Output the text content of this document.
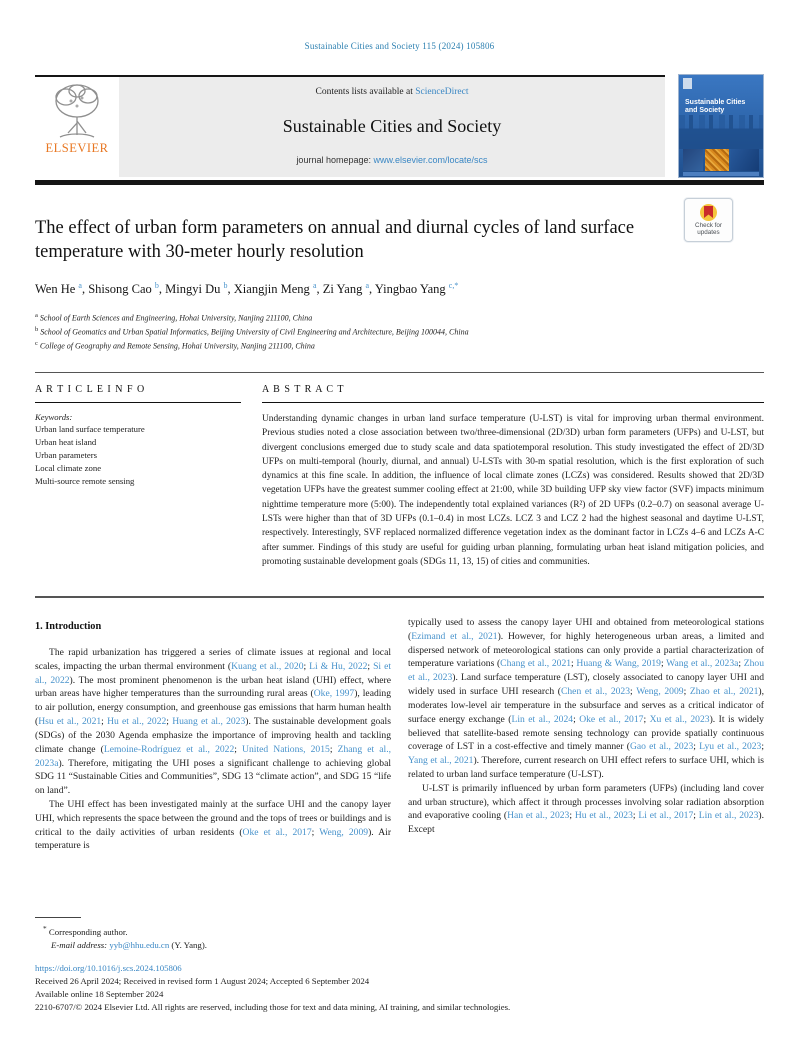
Sustainable Cities and Society 115 (2024) 105806
ELSEVIER
Contents lists available at ScienceDirect
Sustainable Cities and Society
journal homepage: www.elsevier.com/locate/scs
Sustainable Cities and Society
Check for
updates
The effect of urban form parameters on annual and diurnal cycles of land surface temperature with 30-meter hourly resolution
Wen He $^a$ , Shisong Cao $^b$ , Mingyi Du $^b$ , Xiangjin Meng $^a$ , Zi Yang $^a$ , Yingbao Yang $^{c,*}$
$^a$ School of Earth Sciences and Engineering, Hohai University, Nanjing 211100, China
$^b$ School of Geomatics and Urban Spatial Informatics, Beijing University of Civil Engineering and Architecture, Beijing 100044, China
$^c$ College of Geography and Remote Sensing, Hohai University, Nanjing 211100, China
A R T I C L E I N F O
Keywords:
Urban land surface temperature
Urban heat island
Urban parameters
Local climate zone
Multi-source remote sensing
A B S T R A C T
Understanding dynamic changes in urban land surface temperature (U-LST) is vital for improving urban thermal environment. Previous studies noted a close association between two/three-dimensional (2D/3D) urban form parameters (UFPs) and U-LST, but divergent conclusions emerged due to study scale and data spatiotemporal resolution. This study investigated the effect of 2D/3D UFPs on multi-temporal (hourly, diurnal, and annual) U-LSTs with 30-m spatial resolution, which is the first exploration of such dynamics at this fine scale. In addition, the influence of local climate zones (LCZs) was considered. Results showed that 2D/3D vegetation UFPs have the greatest summer cooling effect at 21:00, while 3D building UFP sky view factor (SVF) impacts minimum nighttime temperature more (5:00). The independently total explained variances (R²) of 2D UFPs (0.2–0.7) on seasonal average U-LSTs were higher than that of 3D UFPs (0.1–0.4) in most LCZs. LCZ 3 and LCZ 2 had the highest seasonal and daytime U-LST, respectively. Interestingly, SVF replaced normalized difference vegetation index as the dominant factor in LCZs 4–6 and LCZs A-C after summer. Findings of this study are useful for guiding urban planning, formulating urban heat island mitigation policies, and promoting sustainable development goals (SDGs 11, 13, 15) of cities and communities.
1. Introduction

The rapid urbanization has triggered a series of climate issues at regional and local scales, impacting the urban thermal environment (Kuang et al., 2020; Li & Hu, 2022; Si et al., 2022). The most prominent phenomenon is the urban heat island (UHI) effect, where urban areas have higher temperatures than the surrounding rural areas (Oke, 1997), leading to air pollution, energy consumption, and greenhouse gas emissions that harm human health (Hsu et al., 2021; Hu et al., 2022; Huang et al., 2023). The sustainable development goals (SDGs) of the 2030 Agenda emphasize the importance of improving health and tackling climate change (Lemoine-Rodríguez et al., 2022; United Nations, 2015; Zhang et al., 2023a). Therefore, mitigating the UHI poses a significant challenge to achieving global SDG 11 “Sustainable Cities and Communities”, SDG 13 “climate action”, and SDG 15 “life on land”.

The UHI effect has been investigated mainly at the surface UHI and the canopy layer UHI, which represents the space between the ground and the tops of trees or buildings and is critical to the daily activities of urban residents (Oke et al., 2017; Weng, 2009). Air temperature is

typically used to assess the canopy layer UHI and obtained from meteorological stations (Ezimand et al., 2021). However, for highly heterogeneous urban areas, a limited and dispersed network of meteorological stations can only provide a partial characterization of temperature variations (Chang et al., 2021; Huang & Wang, 2019; Wang et al., 2023a; Zhou et al., 2023). Land surface temperature (LST), closely associated to canopy layer UHI and widely used in surface UHI research (Chen et al., 2023; Weng, 2009; Zhao et al., 2021), moderates low-level air temperature in the subsurface and serves as a critical indicator of surface energy exchange (Lin et al., 2024; Oke et al., 2017; Xu et al., 2023). It is widely believed that satellite-based remote sensing technology can provide spatially continuous coverage of LST in a cost-effective and timely manner (Gao et al., 2023; Lyu et al., 2023; Yang et al., 2021). Therefore, current research on UHI effect refers to surface UHI, which is related to urban land surface temperature (U-LST).

U-LST is primarily influenced by urban form parameters (UFPs) (including land cover and urban structure), which affect it through processes involving solar radiation absorption and evaporative cooling (Han et al., 2023; Hu et al., 2023; Li et al., 2017; Lin et al., 2023). Except

* Corresponding author.
E-mail address: yyb@hhu.edu.cn (Y. Yang).
https://doi.org/10.1016/j.scs.2024.105806
Received 26 April 2024; Received in revised form 1 August 2024; Accepted 6 September 2024
Available online 18 September 2024
2210-6707/© 2024 Elsevier Ltd. All rights are reserved, including those for text and data mining, AI training, and similar technologies.
